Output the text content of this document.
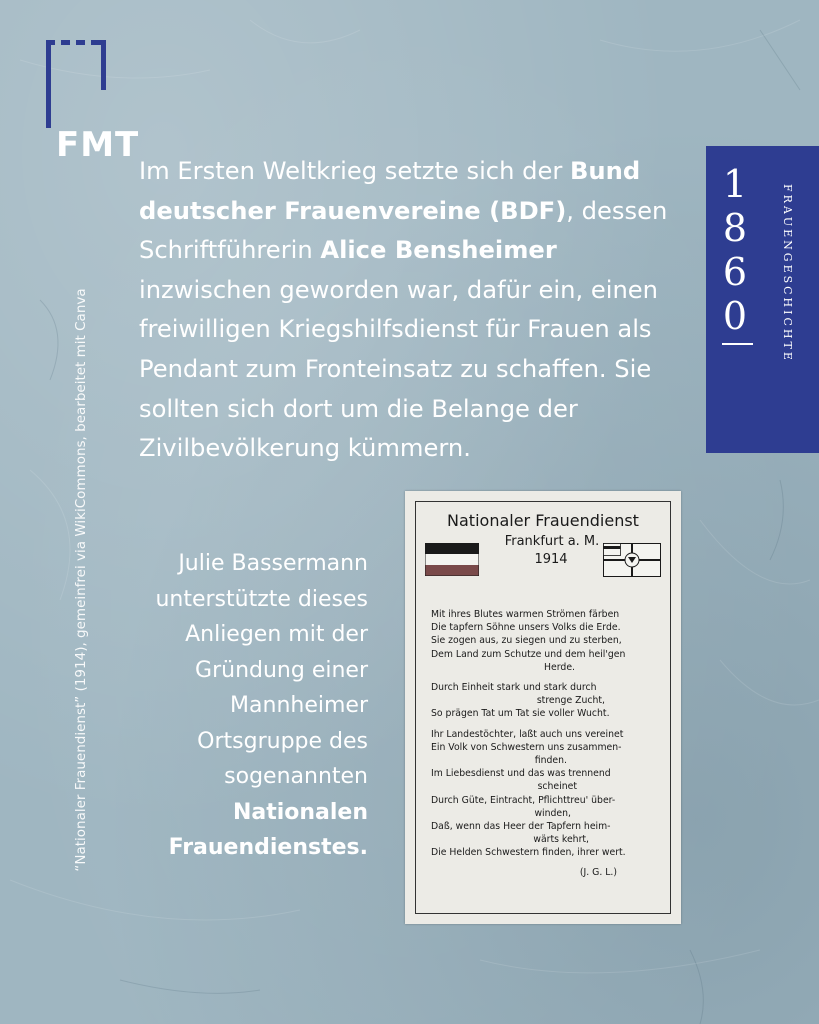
FMT

Im Ersten Weltkrieg setzte sich der Bund deutscher Frauenvereine (BDF), dessen Schriftführerin Alice Bensheimer inzwischen geworden war, dafür ein, einen freiwilligen Kriegshilfsdienst für Frauen als Pendant zum Fronteinsatz zu schaffen. Sie sollten sich dort um die Belange der Zivilbevölkerung kümmern.

Julie Bassermann unterstützte dieses Anliegen mit der Gründung einer Mannheimer Ortsgruppe des sogenannten Nationalen Frauendienstes.

“Nationaler Frauendienst” (1914), gemeinfrei via WikiCommons, bearbeitet mit Canva
1
8
6
0	FRAUENGESCHICHTE
Nationaler Frauendienst
Frankfurt a. M.
1914
Mit ihres Blutes warmen Strömen färben
Die tapfern Söhne unsers Volks die Erde.
Sie zogen aus, zu siegen und zu sterben,
Dem Land zum Schutze und dem heil'gen
Herde.
Durch Einheit stark und stark durch
strenge Zucht,
So prägen Tat um Tat sie voller Wucht.
Ihr Landestöchter, laßt auch uns vereinet
Ein Volk von Schwestern uns zusammen-
finden.
Im Liebesdienst und das was trennend
scheinet
Durch Güte, Eintracht, Pflichttreu' über-
winden,
Daß, wenn das Heer der Tapfern heim-
wärts kehrt,
Die Helden Schwestern finden, ihrer wert.
(J. G. L.)
